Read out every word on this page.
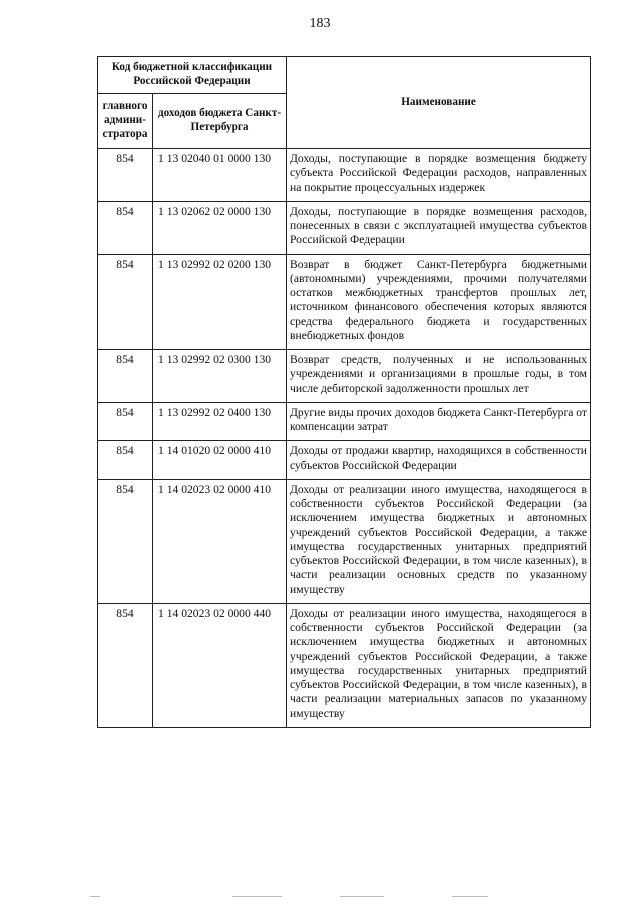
183
Код бюджетной классификации Российской Федерации		Наименование
главного админи-стратора	доходов бюджета Санкт-Петербурга	
854	1 13 02040 01 0000 130	Доходы, поступающие в порядке возмещения бюджету субъекта Российской Федерации расходов, направленных на покрытие процессуальных издержек
854	1 13 02062 02 0000 130	Доходы, поступающие в порядке возмещения расходов, понесенных в связи с эксплуатацией имущества субъектов Российской Федерации
854	1 13 02992 02 0200 130	Возврат в бюджет Санкт-Петербурга бюджетными (автономными) учреждениями, прочими получателями остатков межбюджетных трансфертов прошлых лет, источником финансового обеспечения которых являются средства федерального бюджета и государственных внебюджетных фондов
854	1 13 02992 02 0300 130	Возврат средств, полученных и не использованных учреждениями и организациями в прошлые годы, в том числе дебиторской задолженности прошлых лет
854	1 13 02992 02 0400 130	Другие виды прочих доходов бюджета Санкт-Петербурга от компенсации затрат
854	1 14 01020 02 0000 410	Доходы от продажи квартир, находящихся в собственности субъектов Российской Федерации
854	1 14 02023 02 0000 410	Доходы от реализации иного имущества, находящегося в собственности субъектов Российской Федерации (за исключением имущества бюджетных и автономных учреждений субъектов Российской Федерации, а также имущества государственных унитарных предприятий субъектов Российской Федерации, в том числе казенных), в части реализации основных средств по указанному имуществу
854	1 14 02023 02 0000 440	Доходы от реализации иного имущества, находящегося в собственности субъектов Российской Федерации (за исключением имущества бюджетных и автономных учреждений субъектов Российской Федерации, а также имущества государственных унитарных предприятий субъектов Российской Федерации, в том числе казенных), в части реализации материальных запасов по указанному имуществу
